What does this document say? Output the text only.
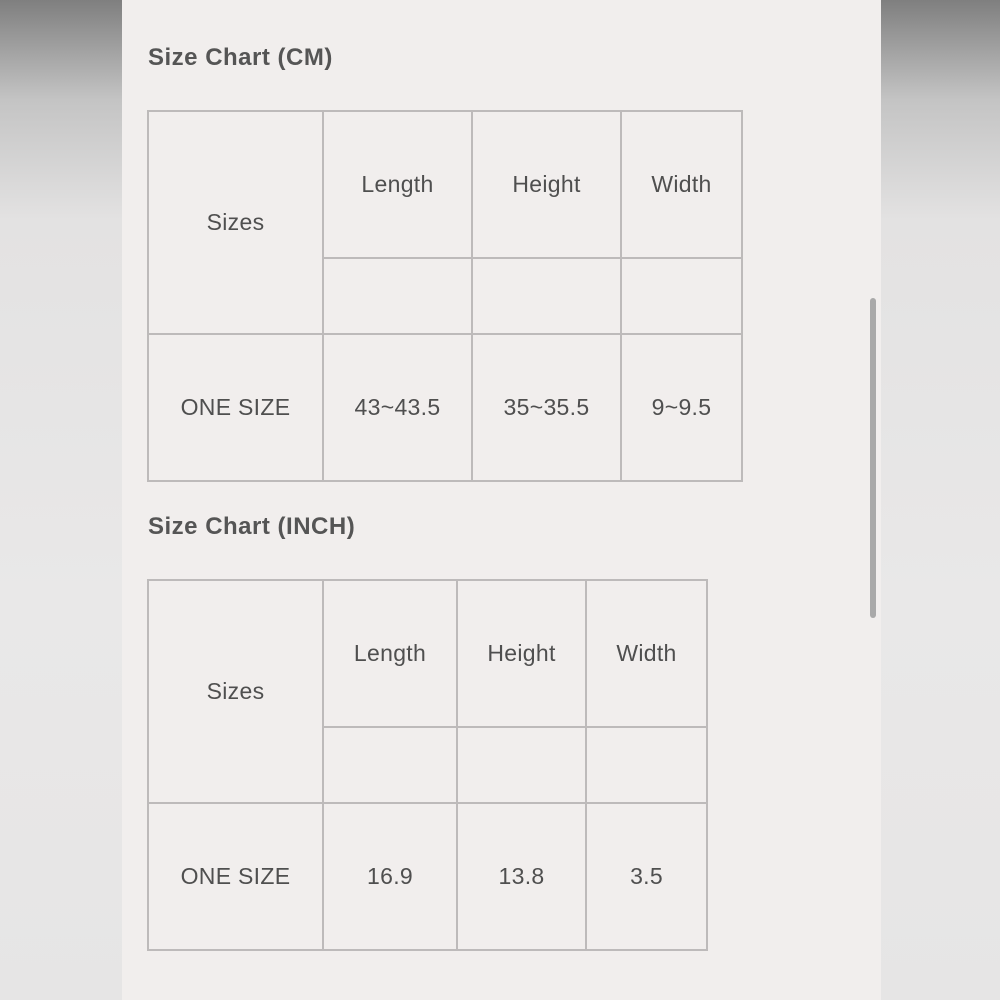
Size Chart (CM)
Sizes	Length	Height	Width

ONE SIZE	43~43.5	35~35.5	9~9.5
Size Chart (INCH)
Sizes	Length	Height	Width

ONE SIZE	16.9	13.8	3.5
